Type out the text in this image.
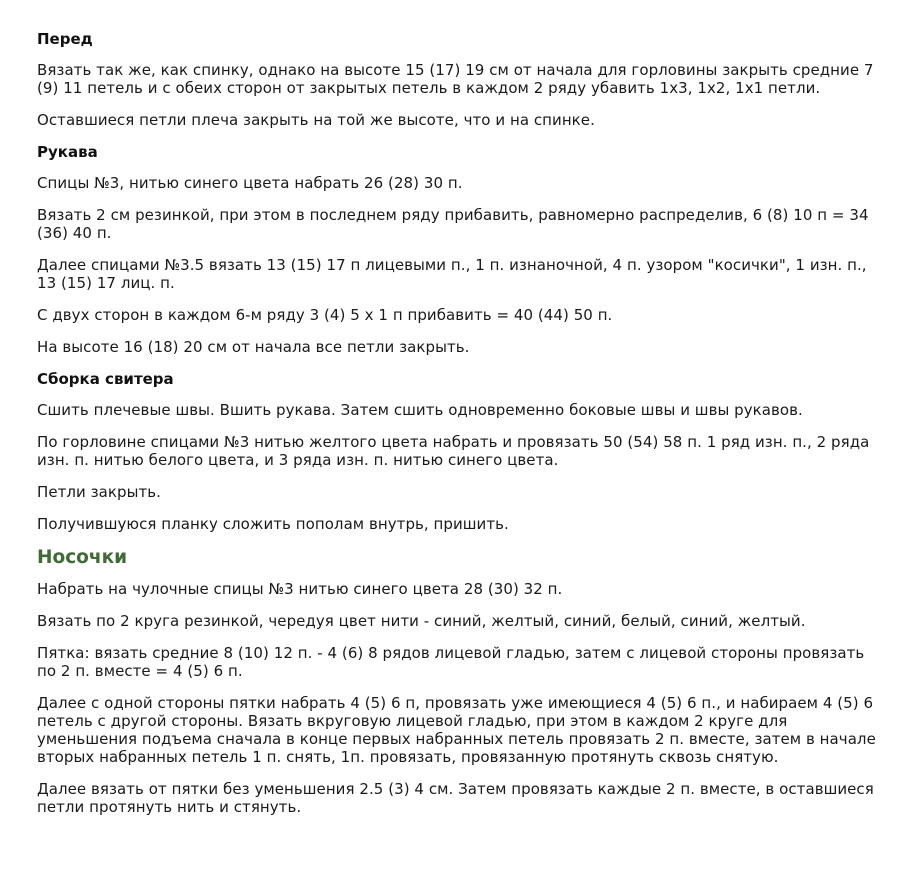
Перед

Вязать так же, как спинку, однако на высоте 15 (17) 19 см от начала для горловины закрыть средние 7 (9) 11 петель и с обеих сторон от закрытых петель в каждом 2 ряду убавить 1х3, 1х2, 1х1 петли.

Оставшиеся петли плеча закрыть на той же высоте, что и на спинке.

Рукава

Спицы №3, нитью синего цвета набрать 26 (28) 30 п.

Вязать 2 см резинкой, при этом в последнем ряду прибавить, равномерно распределив, 6 (8) 10 п = 34 (36) 40 п.

Далее спицами №3.5 вязать 13 (15) 17 п лицевыми п., 1 п. изнаночной, 4 п. узором "косички", 1 изн. п., 13 (15) 17 лиц. п.

С двух сторон в каждом 6-м ряду 3 (4) 5 х 1 п прибавить = 40 (44) 50 п.

На высоте 16 (18) 20 см от начала все петли закрыть.

Сборка свитера

Сшить плечевые швы. Вшить рукава. Затем сшить одновременно боковые швы и швы рукавов.

По горловине спицами №3 нитью желтого цвета набрать и провязать 50 (54) 58 п. 1 ряд изн. п., 2 ряда изн. п. нитью белого цвета, и 3 ряда изн. п. нитью синего цвета.

Петли закрыть.

Получившуюся планку сложить пополам внутрь, пришить.

Носочки

Набрать на чулочные спицы №3 нитью синего цвета 28 (30) 32 п.

Вязать по 2 круга резинкой, чередуя цвет нити - синий, желтый, синий, белый, синий, желтый.

Пятка: вязать средние 8 (10) 12 п. - 4 (6) 8 рядов лицевой гладью, затем с лицевой стороны провязать по 2 п. вместе = 4 (5) 6 п.

Далее с одной стороны пятки набрать 4 (5) 6 п, провязать уже имеющиеся 4 (5) 6 п., и набираем 4 (5) 6 петель с другой стороны. Вязать вкруговую лицевой гладью, при этом в каждом 2 круге для уменьшения подъема сначала в конце первых набранных петель провязать 2 п. вместе, затем в начале вторых набранных петель 1 п. снять, 1п. провязать, провязанную протянуть сквозь снятую.

Далее вязать от пятки без уменьшения 2.5 (3) 4 см. Затем провязать каждые 2 п. вместе, в оставшиеся петли протянуть нить и стянуть.
